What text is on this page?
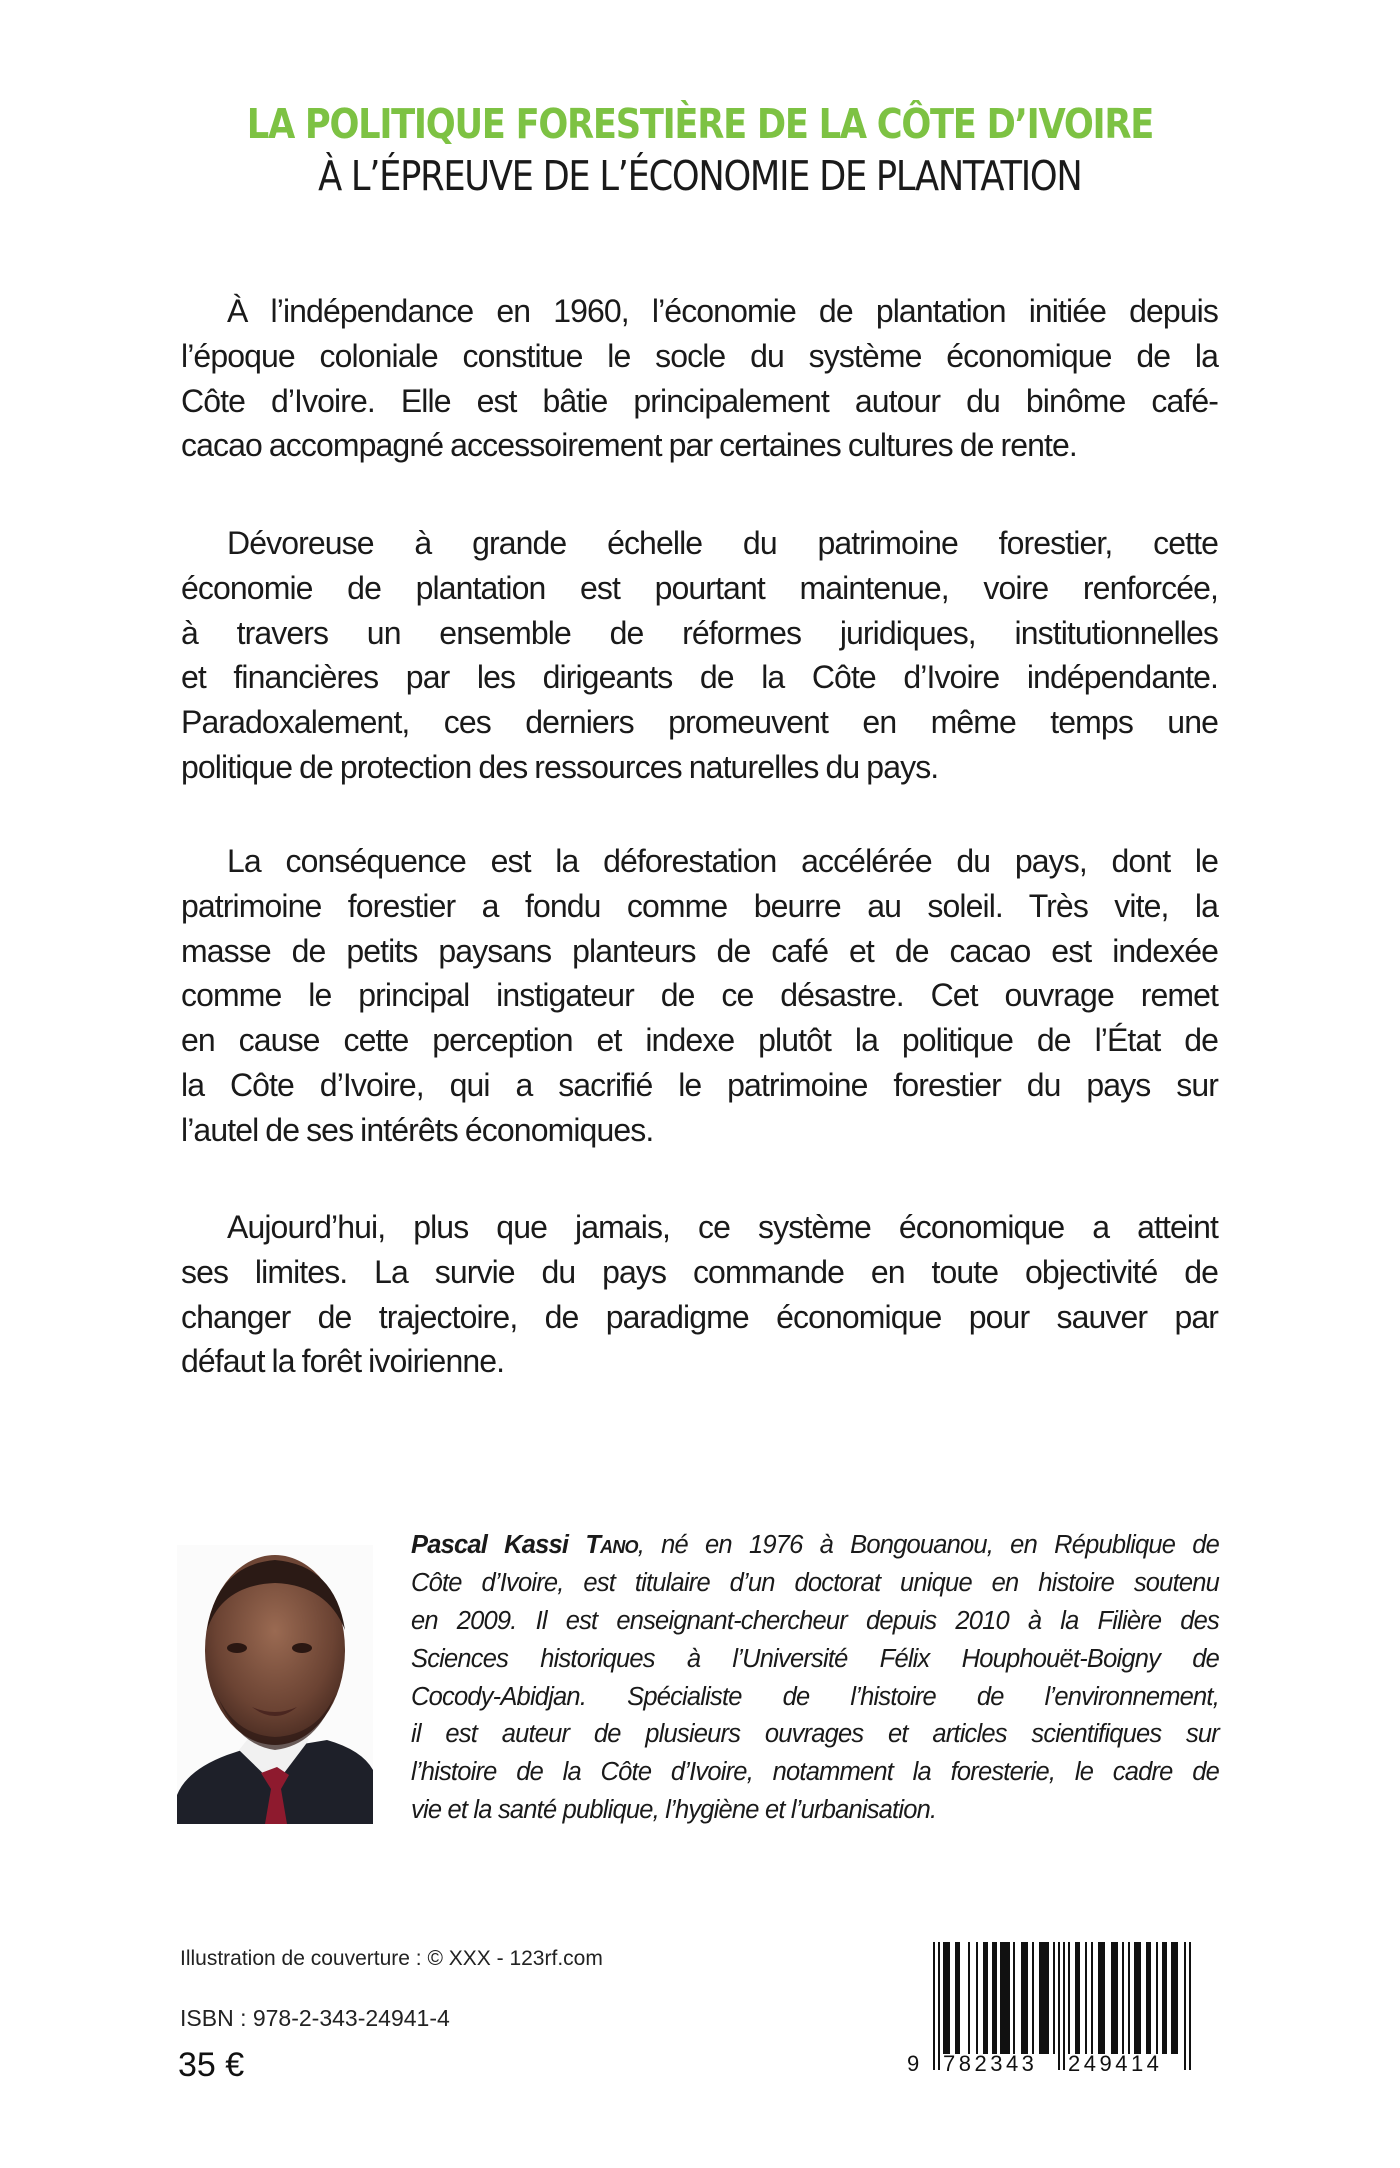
LA POLITIQUE FORESTIÈRE DE LA CÔTE D’IVOIRE
À L’ÉPREUVE DE L’ÉCONOMIE DE PLANTATION
À l’indépendance en 1960, l’économie de plantation initiée depuis
l’époque coloniale constitue le socle du système économique de la
Côte d’Ivoire. Elle est bâtie principalement autour du binôme café-
cacao accompagné accessoirement par certaines cultures de rente.
Dévoreuse à grande échelle du patrimoine forestier, cette
économie de plantation est pourtant maintenue, voire renforcée,
à travers un ensemble de réformes juridiques, institutionnelles
et financières par les dirigeants de la Côte d’Ivoire indépendante.
Paradoxalement, ces derniers promeuvent en même temps une
politique de protection des ressources naturelles du pays.
La conséquence est la déforestation accélérée du pays, dont le
patrimoine forestier a fondu comme beurre au soleil. Très vite, la
masse de petits paysans planteurs de café et de cacao est indexée
comme le principal instigateur de ce désastre. Cet ouvrage remet
en cause cette perception et indexe plutôt la politique de l’État de
la Côte d’Ivoire, qui a sacrifié le patrimoine forestier du pays sur
l’autel de ses intérêts économiques.
Aujourd’hui, plus que jamais, ce système économique a atteint
ses limites. La survie du pays commande en toute objectivité de
changer de trajectoire, de paradigme économique pour sauver par
défaut la forêt ivoirienne.
Pascal Kassi Tano, né en 1976 à Bongouanou, en République de
Côte d’Ivoire, est titulaire d’un doctorat unique en histoire soutenu
en 2009. Il est enseignant-chercheur depuis 2010 à la Filière des
Sciences historiques à l’Université Félix Houphouët-Boigny de
Cocody-Abidjan. Spécialiste de l’histoire de l’environnement,
il est auteur de plusieurs ouvrages et articles scientifiques sur
l’histoire de la Côte d’Ivoire, notamment la foresterie, le cadre de
vie et la santé publique, l’hygiène et l’urbanisation.
Illustration de couverture : © XXX - 123rf.com
ISBN : 978-2-343-24941-4
35 €	9 782343 249414
